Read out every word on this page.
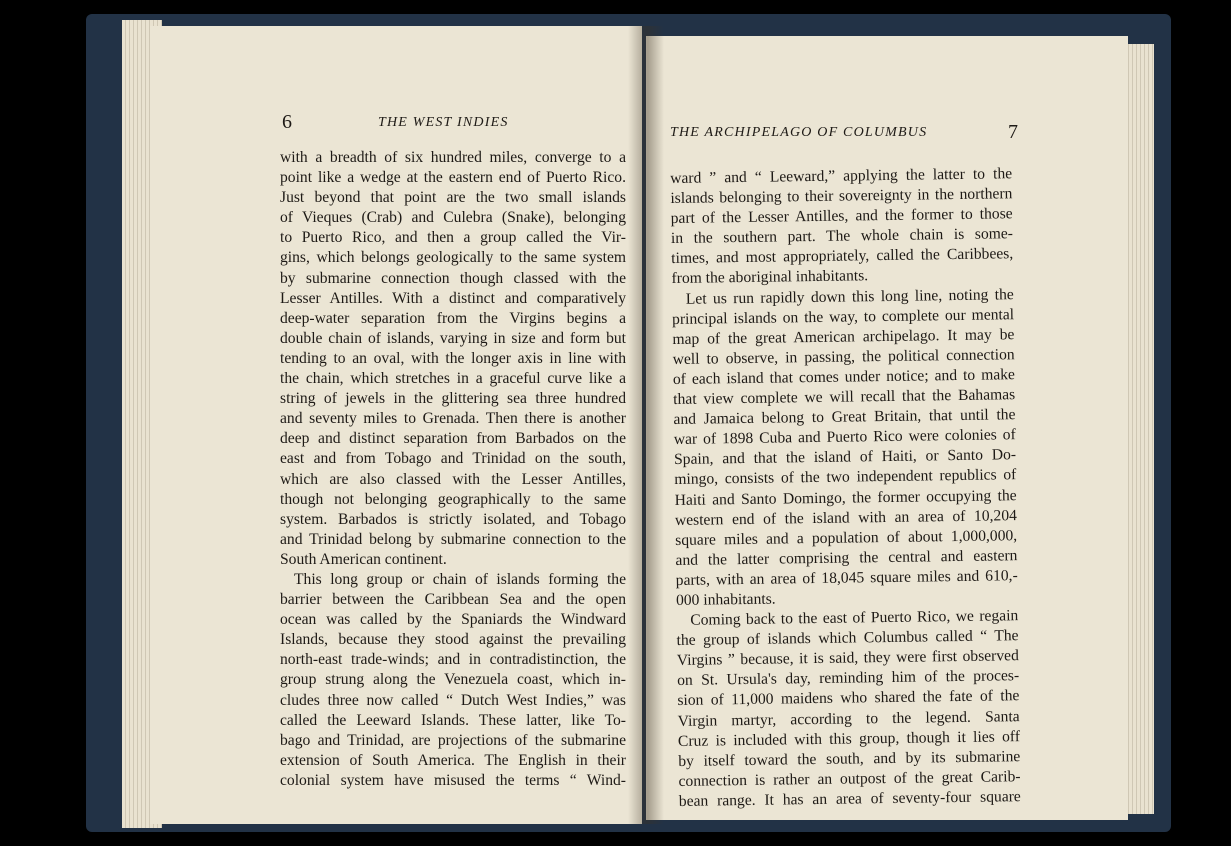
6	THE WEST INDIES
with a breadth of six hundred miles, converge to a
point like a wedge at the eastern end of Puerto Rico.
Just beyond that point are the two small islands
of Vieques (Crab) and Culebra (Snake), belonging
to Puerto Rico, and then a group called the Vir-
gins, which belongs geologically to the same system
by submarine connection though classed with the
Lesser Antilles. With a distinct and comparatively
deep-water separation from the Virgins begins a
double chain of islands, varying in size and form but
tending to an oval, with the longer axis in line with
the chain, which stretches in a graceful curve like a
string of jewels in the glittering sea three hundred
and seventy miles to Grenada. Then there is another
deep and distinct separation from Barbados on the
east and from Tobago and Trinidad on the south,
which are also classed with the Lesser Antilles,
though not belonging geographically to the same
system. Barbados is strictly isolated, and Tobago
and Trinidad belong by submarine connection to the
South American continent.
This long group or chain of islands forming the
barrier between the Caribbean Sea and the open
ocean was called by the Spaniards the Windward
Islands, because they stood against the prevailing
north-east trade-winds; and in contradistinction, the
group strung along the Venezuela coast, which in-
cludes three now called “ Dutch West Indies,” was
called the Leeward Islands. These latter, like To-
bago and Trinidad, are projections of the submarine
extension of South America. The English in their
colonial system have misused the terms “ Wind-
THE ARCHIPELAGO OF COLUMBUS	7
ward ” and “ Leeward,” applying the latter to the
islands belonging to their sovereignty in the northern
part of the Lesser Antilles, and the former to those
in the southern part. The whole chain is some-
times, and most appropriately, called the Caribbees,
from the aboriginal inhabitants.
Let us run rapidly down this long line, noting the
principal islands on the way, to complete our mental
map of the great American archipelago. It may be
well to observe, in passing, the political connection
of each island that comes under notice; and to make
that view complete we will recall that the Bahamas
and Jamaica belong to Great Britain, that until the
war of 1898 Cuba and Puerto Rico were colonies of
Spain, and that the island of Haiti, or Santo Do-
mingo, consists of the two independent republics of
Haiti and Santo Domingo, the former occupying the
western end of the island with an area of 10,204
square miles and a population of about 1,000,000,
and the latter comprising the central and eastern
parts, with an area of 18,045 square miles and 610,-
000 inhabitants.
Coming back to the east of Puerto Rico, we regain
the group of islands which Columbus called “ The
Virgins ” because, it is said, they were first observed
on St. Ursula's day, reminding him of the proces-
sion of 11,000 maidens who shared the fate of the
Virgin martyr, according to the legend. Santa
Cruz is included with this group, though it lies off
by itself toward the south, and by its submarine
connection is rather an outpost of the great Carib-
bean range. It has an area of seventy-four square
